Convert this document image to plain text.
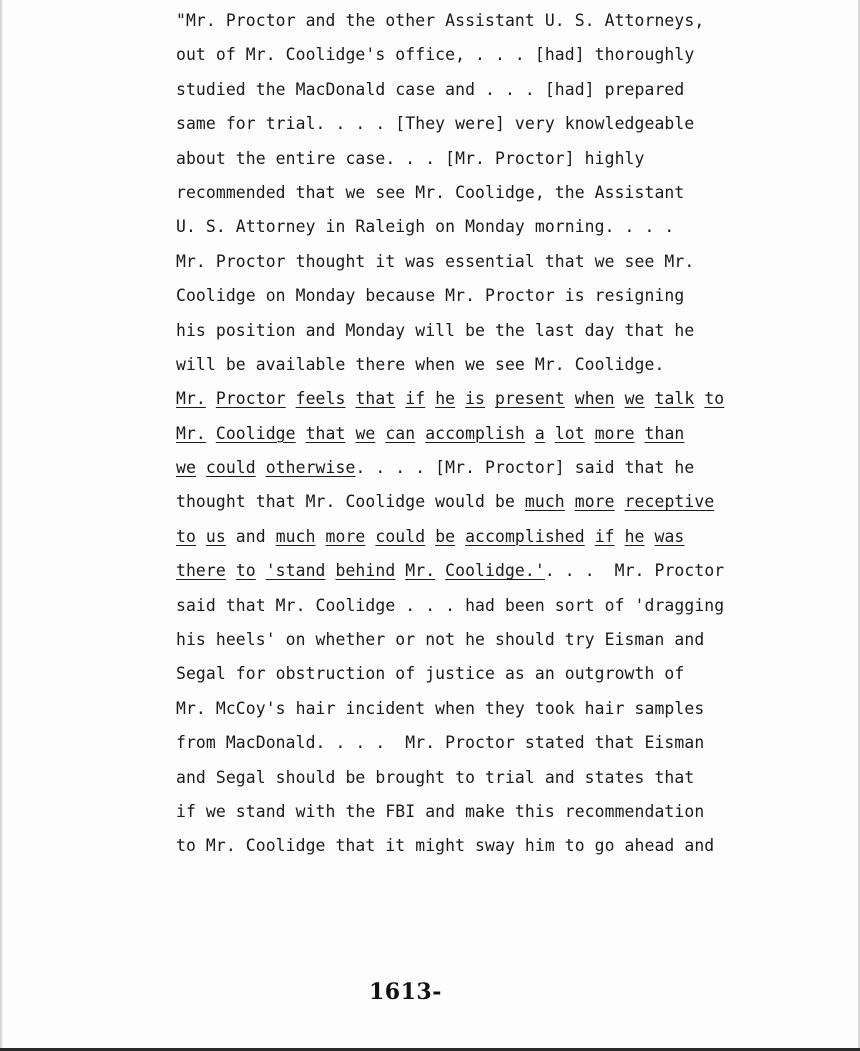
"Mr. Proctor and the other Assistant U. S. Attorneys,
out of Mr. Coolidge's office, . . . [had] thoroughly
studied the MacDonald case and . . . [had] prepared
same for trial. . . . [They were] very knowledgeable
about the entire case. . . [Mr. Proctor] highly
recommended that we see Mr. Coolidge, the Assistant
U. S. Attorney in Raleigh on Monday morning. . . .
Mr. Proctor thought it was essential that we see Mr.
Coolidge on Monday because Mr. Proctor is resigning
his position and Monday will be the last day that he
will be available there when we see Mr. Coolidge.
Mr. Proctor feels that if he is present when we talk to
Mr. Coolidge that we can accomplish a lot more than
we could otherwise. . . . [Mr. Proctor] said that he
thought that Mr. Coolidge would be much more receptive
to us and much more could be accomplished if he was
there to 'stand behind Mr. Coolidge.'. . .  Mr. Proctor
said that Mr. Coolidge . . . had been sort of 'dragging
his heels' on whether or not he should try Eisman and
Segal for obstruction of justice as an outgrowth of
Mr. McCoy's hair incident when they took hair samples
from MacDonald. . . .  Mr. Proctor stated that Eisman
and Segal should be brought to trial and states that
if we stand with the FBI and make this recommendation
to Mr. Coolidge that it might sway him to go ahead and
1613-
